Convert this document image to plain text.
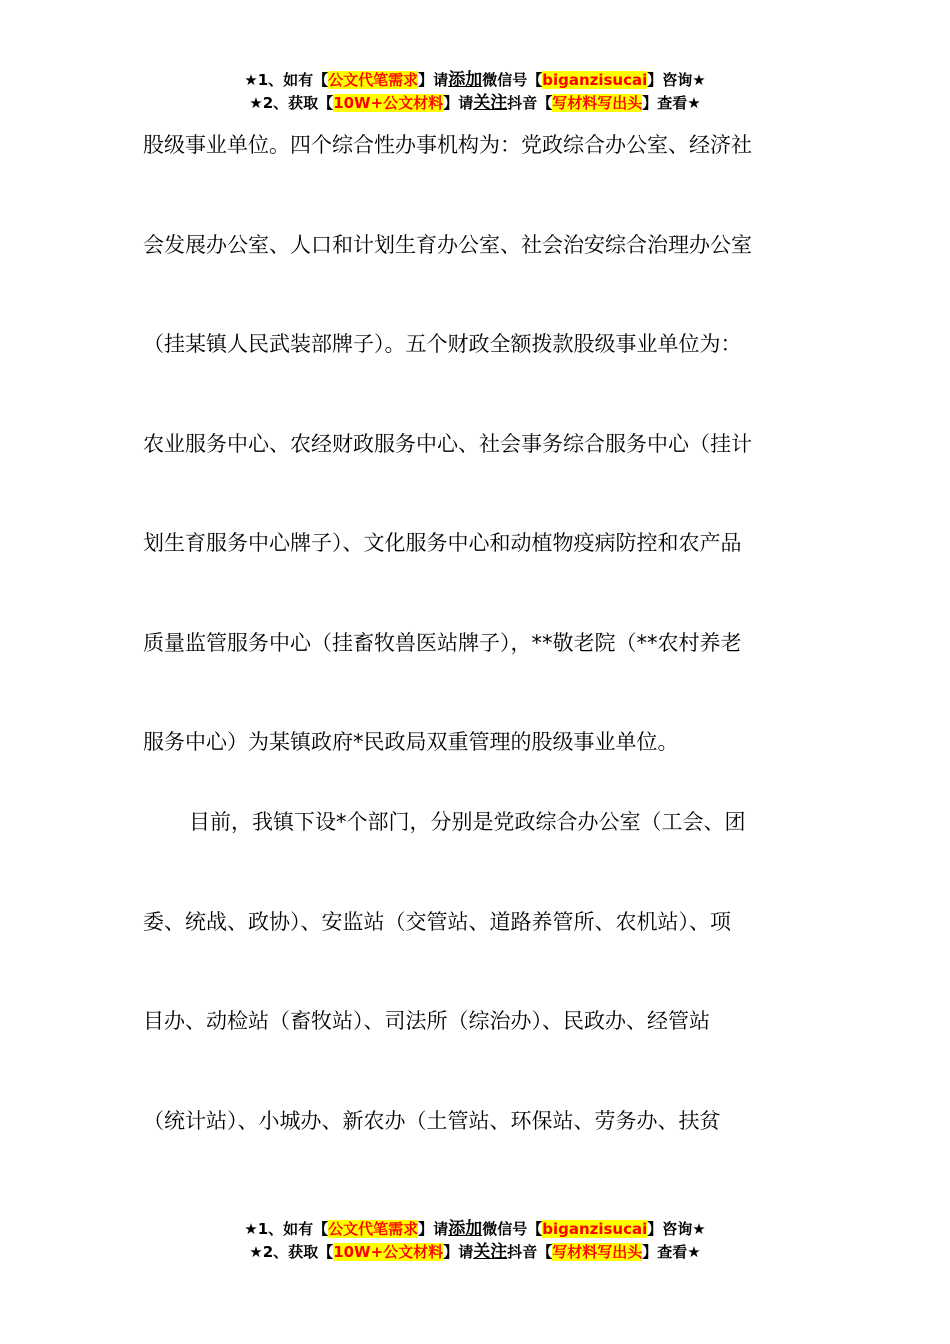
★1、如有【公文代笔需求】请添加微信号【biganzisucai】咨询★
★2、获取【10W+公文材料】请关注抖音【写材料写出头】查看★
股级事业单位。四个综合性办事机构为：党政综合办公室、经济社
会发展办公室、人口和计划生育办公室、社会治安综合治理办公室
（挂某镇人民武装部牌子）。五个财政全额拨款股级事业单位为：
农业服务中心、农经财政服务中心、社会事务综合服务中心（挂计
划生育服务中心牌子）、文化服务中心和动植物疫病防控和农产品
质量监管服务中心（挂畜牧兽医站牌子），**敬老院（**农村养老
服务中心）为某镇政府*民政局双重管理的股级事业单位。
目前，我镇下设*个部门，分别是党政综合办公室（工会、团
委、统战、政协）、安监站（交管站、道路养管所、农机站）、项
目办、动检站（畜牧站）、司法所（综治办）、民政办、经管站
（统计站）、小城办、新农办（土管站、环保站、劳务办、扶贫
★1、如有【公文代笔需求】请添加微信号【biganzisucai】咨询★
★2、获取【10W+公文材料】请关注抖音【写材料写出头】查看★
